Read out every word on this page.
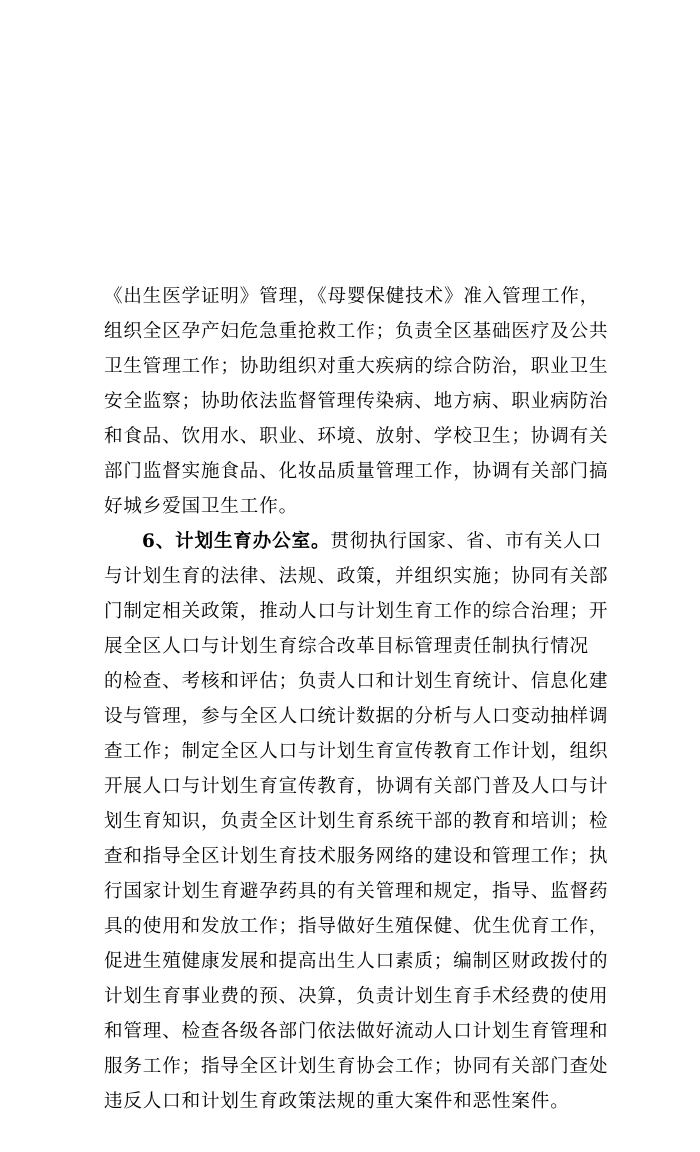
《出生医学证明》管理，《母婴保健技术》准入管理工作，
组织全区孕产妇危急重抢救工作；负责全区基础医疗及公共
卫生管理工作；协助组织对重大疾病的综合防治，职业卫生
安全监察；协助依法监督管理传染病、地方病、职业病防治
和食品、饮用水、职业、环境、放射、学校卫生；协调有关
部门监督实施食品、化妆品质量管理工作，协调有关部门搞
好城乡爱国卫生工作。
6、计划生育办公室。贯彻执行国家、省、市有关人口
与计划生育的法律、法规、政策，并组织实施；协同有关部
门制定相关政策，推动人口与计划生育工作的综合治理；开
展全区人口与计划生育综合改革目标管理责任制执行情况
的检查、考核和评估；负责人口和计划生育统计、信息化建
设与管理，参与全区人口统计数据的分析与人口变动抽样调
查工作；制定全区人口与计划生育宣传教育工作计划，组织
开展人口与计划生育宣传教育，协调有关部门普及人口与计
划生育知识，负责全区计划生育系统干部的教育和培训；检
查和指导全区计划生育技术服务网络的建设和管理工作；执
行国家计划生育避孕药具的有关管理和规定，指导、监督药
具的使用和发放工作；指导做好生殖保健、优生优育工作，
促进生殖健康发展和提高出生人口素质；编制区财政拨付的
计划生育事业费的预、决算，负责计划生育手术经费的使用
和管理、检查各级各部门依法做好流动人口计划生育管理和
服务工作；指导全区计划生育协会工作；协同有关部门查处
违反人口和计划生育政策法规的重大案件和恶性案件。
